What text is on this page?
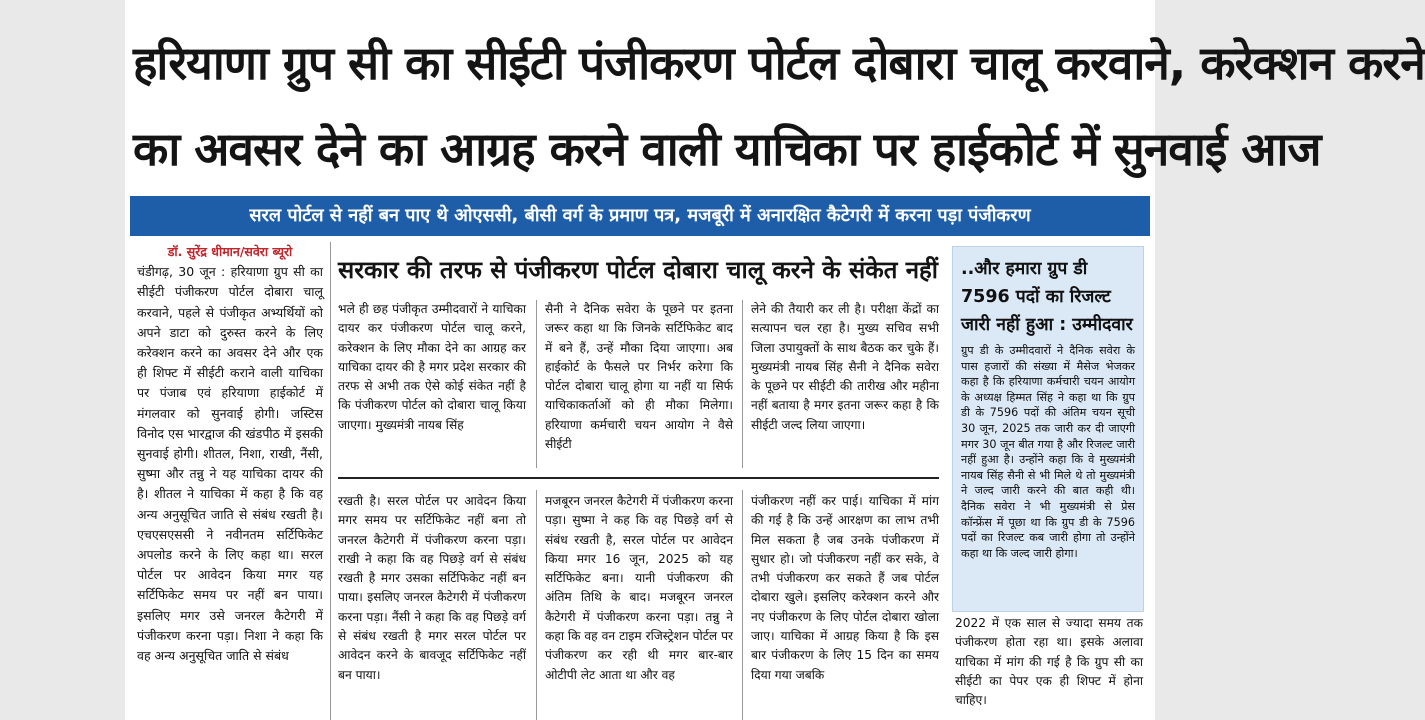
हरियाणा ग्रुप सी का सीईटी पंजीकरण पोर्टल दोबारा चालू करवाने, करेक्शन करने
का अवसर देने का आग्रह करने वाली याचिका पर हाईकोर्ट में सुनवाई आज
सरल पोर्टल से नहीं बन पाए थे ओएससी, बीसी वर्ग के प्रमाण पत्र, मजबूरी में अनारक्षित कैटेगरी में करना पड़ा पंजीकरण
डॉ. सुरेंद्र धीमान/सवेरा ब्यूरो

चंडीगढ़, 30 जून : हरियाणा ग्रुप सी का सीईटी पंजीकरण पोर्टल दोबारा चालू करवाने, पहले से पंजीकृत अभ्यर्थियों को अपने डाटा को दुरुस्त करने के लिए करेक्शन करने का अवसर देने और एक ही शिफ्ट में सीईटी कराने वाली याचिका पर पंजाब एवं हरियाणा हाईकोर्ट में मंगलवार को सुनवाई होगी। जस्टिस विनोद एस भारद्वाज की खंडपीठ में इसकी सुनवाई होगी। शीतल, निशा, राखी, नैंसी, सुष्मा और तन्नु ने यह याचिका दायर की है। शीतल ने याचिका में कहा है कि वह अन्य अनुसूचित जाति से संबंध रखती है। एचएसएससी ने नवीनतम सर्टिफिकेट अपलोड करने के लिए कहा था। सरल पोर्टल पर आवेदन किया मगर यह सर्टिफिकेट समय पर नहीं बन पाया। इसलिए मगर उसे जनरल कैटेगरी में पंजीकरण करना पड़ा। निशा ने कहा कि वह अन्य अनुसूचित जाति से संबंध

सरकार की तरफ से पंजीकरण पोर्टल दोबारा चालू करने के संकेत नहीं
भले ही छह पंजीकृत उम्मीदवारों ने याचिका दायर कर पंजीकरण पोर्टल चालू करने, करेक्शन के लिए मौका देने का आग्रह कर याचिका दायर की है मगर प्रदेश सरकार की तरफ से अभी तक ऐसे कोई संकेत नहीं है कि पंजीकरण पोर्टल को दोबारा चालू किया जाएगा। मुख्यमंत्री नायब सिंह
सैनी ने दैनिक सवेरा के पूछने पर इतना जरूर कहा था कि जिनके सर्टिफिकेट बाद में बने हैं, उन्हें मौका दिया जाएगा। अब हाईकोर्ट के फैसले पर निर्भर करेगा कि पोर्टल दोबारा चालू होगा या नहीं या सिर्फ याचिकाकर्ताओं को ही मौका मिलेगा। हरियाणा कर्मचारी चयन आयोग ने वैसे सीईटी
लेने की तैयारी कर ली है। परीक्षा केंद्रों का सत्यापन चल रहा है। मुख्य सचिव सभी जिला उपायुक्तों के साथ बैठक कर चुके हैं। मुख्यमंत्री नायब सिंह सैनी ने दैनिक सवेरा के पूछने पर सीईटी की तारीख और महीना नहीं बताया है मगर इतना जरूर कहा है कि सीईटी जल्द लिया जाएगा।
रखती है। सरल पोर्टल पर आवेदन किया मगर समय पर सर्टिफिकेट नहीं बना तो जनरल कैटेगरी में पंजीकरण करना पड़ा। राखी ने कहा कि वह पिछड़े वर्ग से संबंध रखती है मगर उसका सर्टिफिकेट नहीं बन पाया। इसलिए जनरल कैटेगरी में पंजीकरण करना पड़ा। नैंसी ने कहा कि वह पिछड़े वर्ग से संबंध रखती है मगर सरल पोर्टल पर आवेदन करने के बावजूद सर्टिफिकेट नहीं बन पाया।
मजबूरन जनरल कैटेगरी में पंजीकरण करना पड़ा। सुष्मा ने कह कि वह पिछड़े वर्ग से संबंध रखती है, सरल पोर्टल पर आवेदन किया मगर 16 जून, 2025 को यह सर्टिफिकेट बना। यानी पंजीकरण की अंतिम तिथि के बाद। मजबूरन जनरल कैटेगरी में पंजीकरण करना पड़ा। तन्नु ने कहा कि वह वन टाइम रजिस्ट्रेशन पोर्टल पर पंजीकरण कर रही थी मगर बार-बार ओटीपी लेट आता था और वह
पंजीकरण नहीं कर पाई। याचिका में मांग की गई है कि उन्हें आरक्षण का लाभ तभी मिल सकता है जब उनके पंजीकरण में सुधार हो। जो पंजीकरण नहीं कर सके, वे तभी पंजीकरण कर सकते हैं जब पोर्टल दोबारा खुले। इसलिए करेक्शन करने और नए पंजीकरण के लिए पोर्टल दोबारा खोला जाए। याचिका में आग्रह किया है कि इस बार पंजीकरण के लिए 15 दिन का समय दिया गया जबकि
..और हमारा ग्रुप डी 7596 पदों का रिजल्ट जारी नहीं हुआ : उम्मीदवार
ग्रुप डी के उम्मीदवारों ने दैनिक सवेरा के पास हजारों की संख्या में मैसेज भेजकर कहा है कि हरियाणा कर्मचारी चयन आयोग के अध्यक्ष हिम्मत सिंह ने कहा था कि ग्रुप डी के 7596 पदों की अंतिम चयन सूची 30 जून, 2025 तक जारी कर दी जाएगी मगर 30 जून बीत गया है और रिजल्ट जारी नहीं हुआ है। उन्होंने कहा कि वे मुख्यमंत्री नायब सिंह सैनी से भी मिले थे तो मुख्यमंत्री ने जल्द जारी करने की बात कही थी। दैनिक सवेरा ने भी मुख्यमंत्री से प्रेस कॉन्फ्रेंस में पूछा था कि ग्रुप डी के 7596 पदों का रिजल्ट कब जारी होगा तो उन्होंने कहा था कि जल्द जारी होगा।
2022 में एक साल से ज्यादा समय तक पंजीकरण होता रहा था। इसके अलावा याचिका में मांग की गई है कि ग्रुप सी का सीईटी का पेपर एक ही शिफ्ट में होना चाहिए।
